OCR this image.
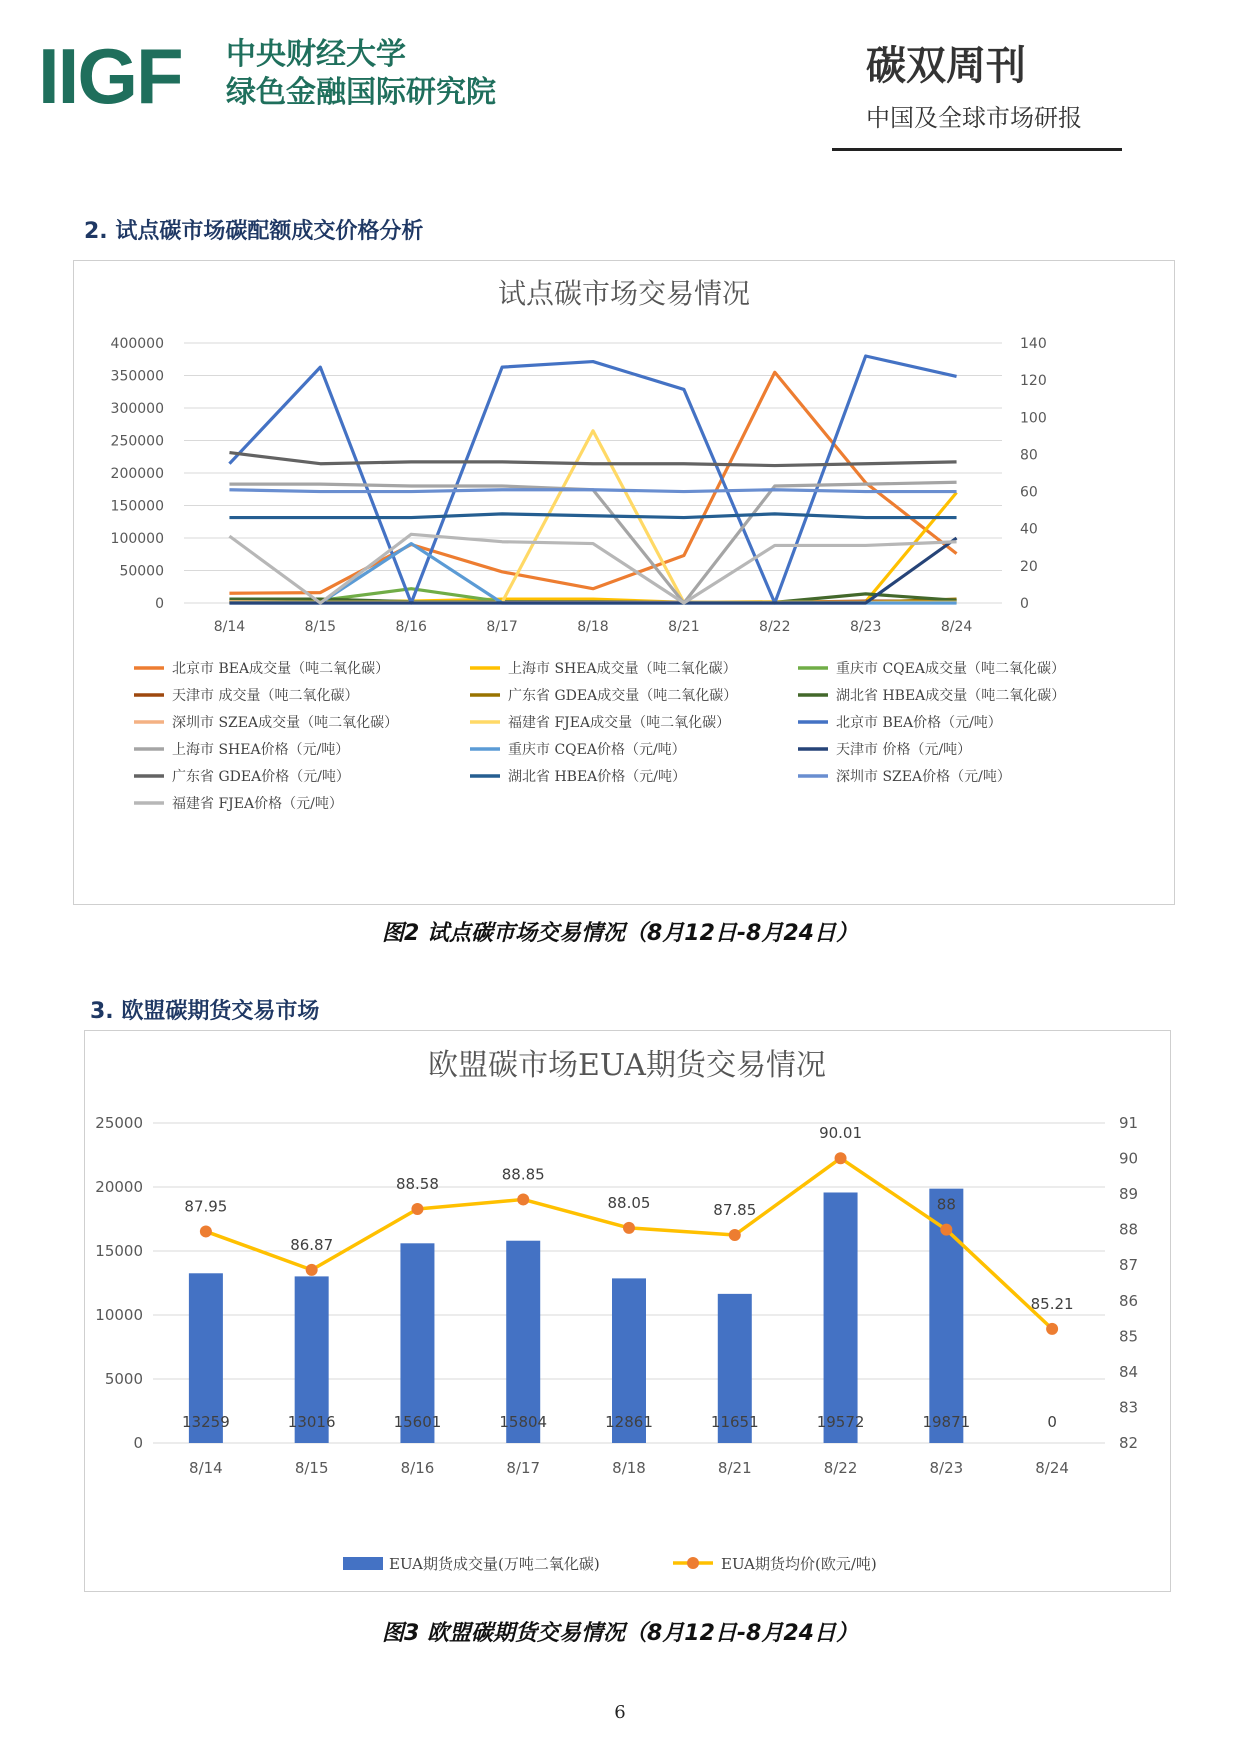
IIGF 中央财经大学
绿色金融国际研究院
碳双周刊
中国及全球市场研报
2. 试点碳市场碳配额成交价格分析
试点碳市场交易情况
0
50000
100000
150000
200000
250000
300000
350000
400000
0
20
40
60
80
100
120
140
8/14	8/15	8/16	8/17	8/18	8/21	8/22	8/23	8/24
北京市 BEA成交量（吨二氧化碳）	上海市 SHEA成交量（吨二氧化碳）	重庆市 CQEA成交量（吨二氧化碳）
天津市 成交量（吨二氧化碳）	广东省 GDEA成交量（吨二氧化碳）	湖北省 HBEA成交量（吨二氧化碳）
深圳市 SZEA成交量（吨二氧化碳）	福建省 FJEA成交量（吨二氧化碳）	北京市 BEA价格（元/吨）
上海市 SHEA价格（元/吨）	重庆市 CQEA价格（元/吨）	天津市 价格（元/吨）
广东省 GDEA价格（元/吨）	湖北省 HBEA价格（元/吨）	深圳市 SZEA价格（元/吨）
福建省 FJEA价格（元/吨）
图2 试点碳市场交易情况（8月12日-8月24日）
3. 欧盟碳期货交易市场
欧盟碳市场EUA期货交易情况
0
5000
10000
15000
20000
25000
82
83
84
85
86
87
88
89
90
91
8/14	8/15	8/16	8/17	8/18	8/21	8/22	8/23	8/24
13259	13016	15601	15804	12861	11651	19572	19871	0
87.95
86.87
88.58
88.85
88.05	87.85
90.01
88
85.21
EUA期货成交量(万吨二氧化碳)	EUA期货均价(欧元/吨)
图3 欧盟碳期货交易情况（8月12日-8月24日）
6
